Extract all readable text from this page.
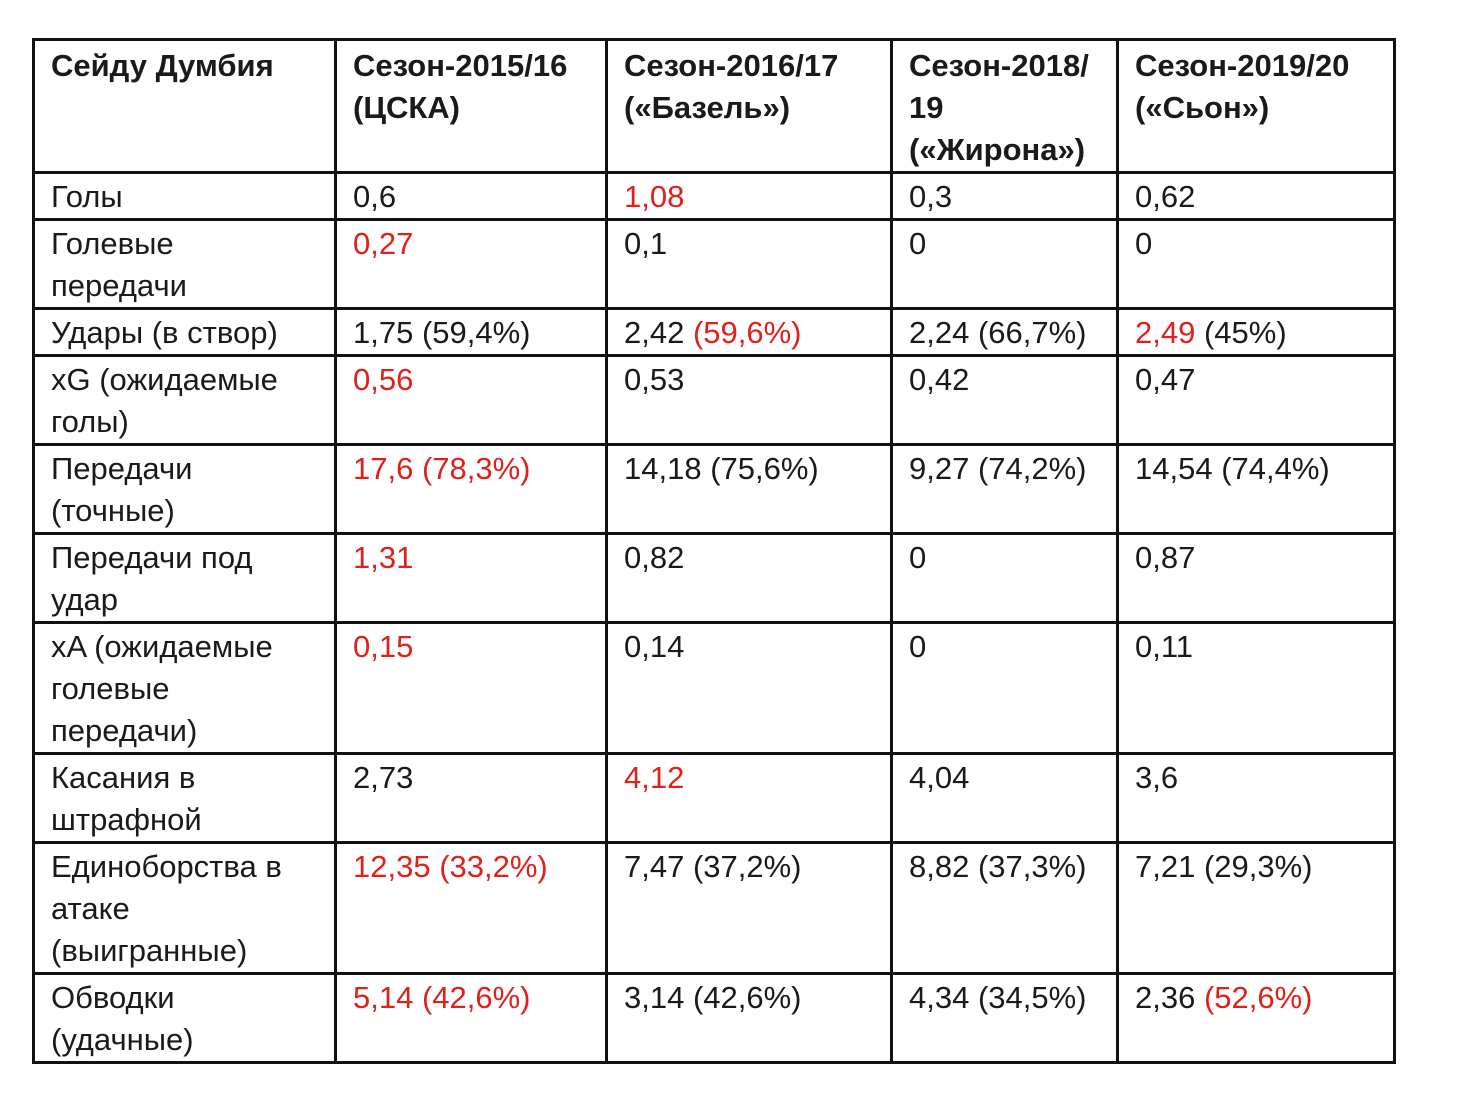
Сейду Думбия	Сезон-2015/16 (ЦСКА)	Сезон-2016/17 («Базель»)	Сезон-2018/19 («Жирона»)	Сезон-2019/20 («Сьон»)
Голы	0,6	1,08	0,3	0,62
Голевые передачи	0,27	0,1	0	0
Удары (в створ)	1,75 (59,4%)	2,42 (59,6%)	2,24 (66,7%)	2,49 (45%)
xG (ожидаемые голы)	0,56	0,53	0,42	0,47
Передачи (точные)	17,6 (78,3%)	14,18 (75,6%)	9,27 (74,2%)	14,54 (74,4%)
Передачи под удар	1,31	0,82	0	0,87
xA (ожидаемые голевые передачи)	0,15	0,14	0	0,11
Касания в штрафной	2,73	4,12	4,04	3,6
Единоборства в атаке (выигранные)	12,35 (33,2%)	7,47 (37,2%)	8,82 (37,3%)	7,21 (29,3%)
Обводки (удачные)	5,14 (42,6%)	3,14 (42,6%)	4,34 (34,5%)	2,36 (52,6%)
